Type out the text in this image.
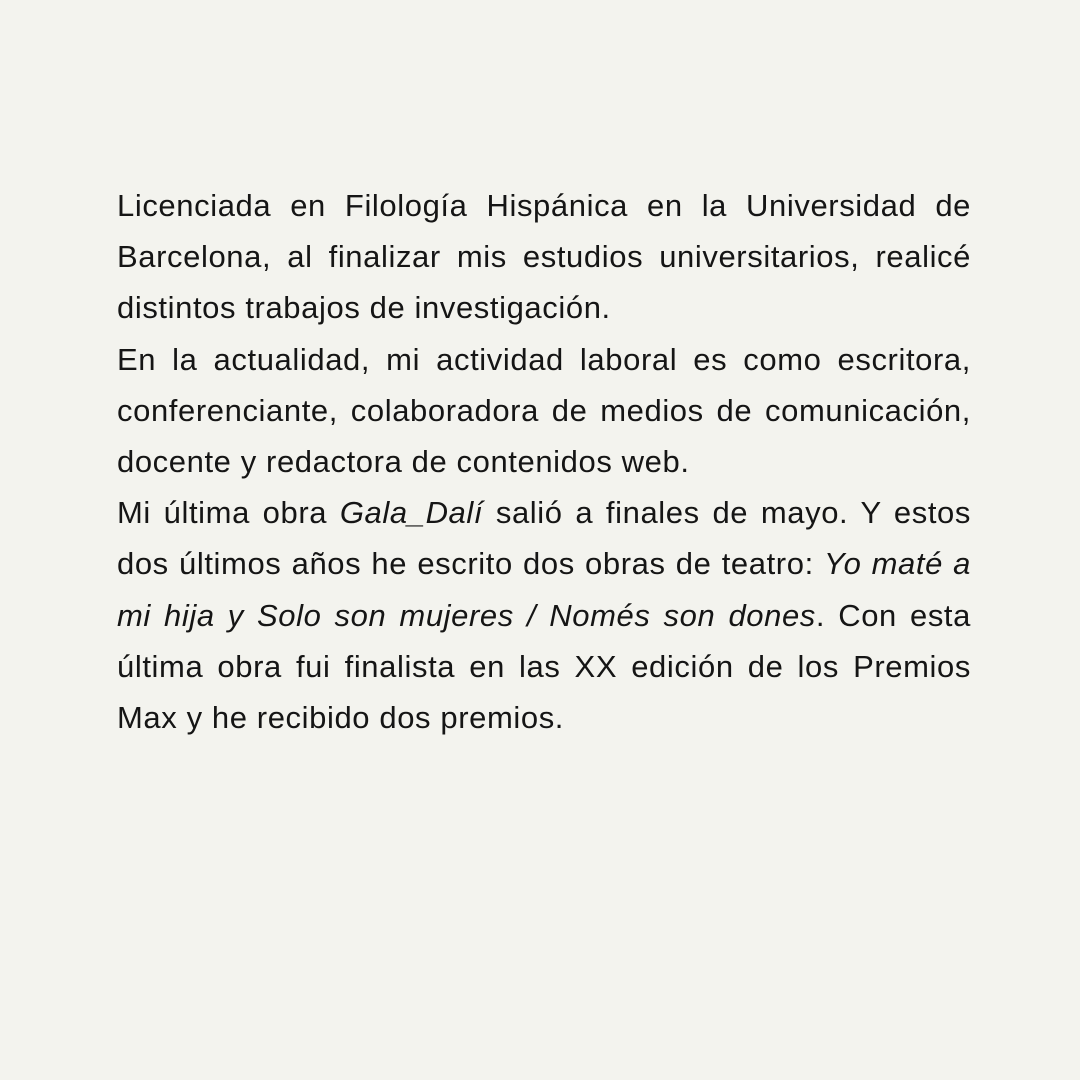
Licenciada en Filología Hispánica en la Universidad de Barcelona, al finalizar mis estudios universitarios, realicé distintos trabajos de investigación.

En la actualidad, mi actividad laboral es como escritora, conferenciante, colaboradora de medios de comunicación, docente y redactora de contenidos web.

Mi última obra Gala_Dalí salió a finales de mayo. Y estos dos últimos años he escrito dos obras de teatro: Yo maté a mi hija y Solo son mujeres / Només son dones. Con esta última obra fui finalista en las XX edición de los Premios Max y he recibido dos premios.
